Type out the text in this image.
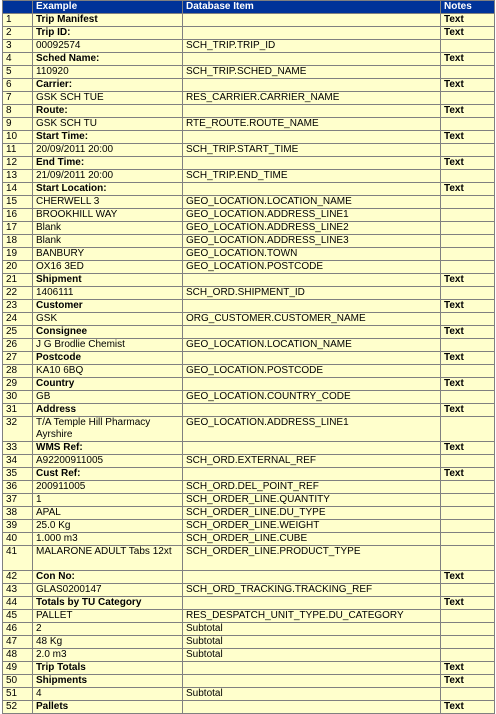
	Example	Database Item	Notes
1	Trip Manifest		Text
2	Trip ID:		Text
3	00092574	SCH_TRIP.TRIP_ID	
4	Sched Name:		Text
5	110920	SCH_TRIP.SCHED_NAME	
6	Carrier:		Text
7	GSK SCH TUE	RES_CARRIER.CARRIER_NAME	
8	Route:		Text
9	GSK SCH TU	RTE_ROUTE.ROUTE_NAME	
10	Start Time:		Text
11	20/09/2011 20:00	SCH_TRIP.START_TIME	
12	End Time:		Text
13	21/09/2011 20:00	SCH_TRIP.END_TIME	
14	Start Location:		Text
15	CHERWELL 3	GEO_LOCATION.LOCATION_NAME	
16	BROOKHILL WAY	GEO_LOCATION.ADDRESS_LINE1	
17	Blank	GEO_LOCATION.ADDRESS_LINE2	
18	Blank	GEO_LOCATION.ADDRESS_LINE3	
19	BANBURY	GEO_LOCATION.TOWN	
20	OX16 3ED	GEO_LOCATION.POSTCODE	
21	Shipment		Text
22	1406111	SCH_ORD.SHIPMENT_ID	
23	Customer		Text
24	GSK	ORG_CUSTOMER.CUSTOMER_NAME	
25	Consignee		Text
26	J G Brodlie Chemist	GEO_LOCATION.LOCATION_NAME	
27	Postcode		Text
28	KA10 6BQ	GEO_LOCATION.POSTCODE	
29	Country		Text
30	GB	GEO_LOCATION.COUNTRY_CODE	
31	Address		Text
32	T/A Temple Hill Pharmacy Ayrshire	GEO_LOCATION.ADDRESS_LINE1	
33	WMS Ref:		Text
34	A92200911005	SCH_ORD.EXTERNAL_REF	
35	Cust Ref:		Text
36	200911005	SCH_ORD.DEL_POINT_REF	
37	1	SCH_ORDER_LINE.QUANTITY	
38	APAL	SCH_ORDER_LINE.DU_TYPE	
39	25.0 Kg	SCH_ORDER_LINE.WEIGHT	
40	1.000 m3	SCH_ORDER_LINE.CUBE	
41	MALARONE ADULT Tabs 12xt	SCH_ORDER_LINE.PRODUCT_TYPE	
42	Con No:		Text
43	GLAS0200147	SCH_ORD_TRACKING.TRACKING_REF	
44	Totals by TU Category		Text
45	PALLET	RES_DESPATCH_UNIT_TYPE.DU_CATEGORY	
46	2	Subtotal	
47	48 Kg	Subtotal	
48	2.0 m3	Subtotal	
49	Trip Totals		Text
50	Shipments		Text
51	4	Subtotal	
52	Pallets		Text
